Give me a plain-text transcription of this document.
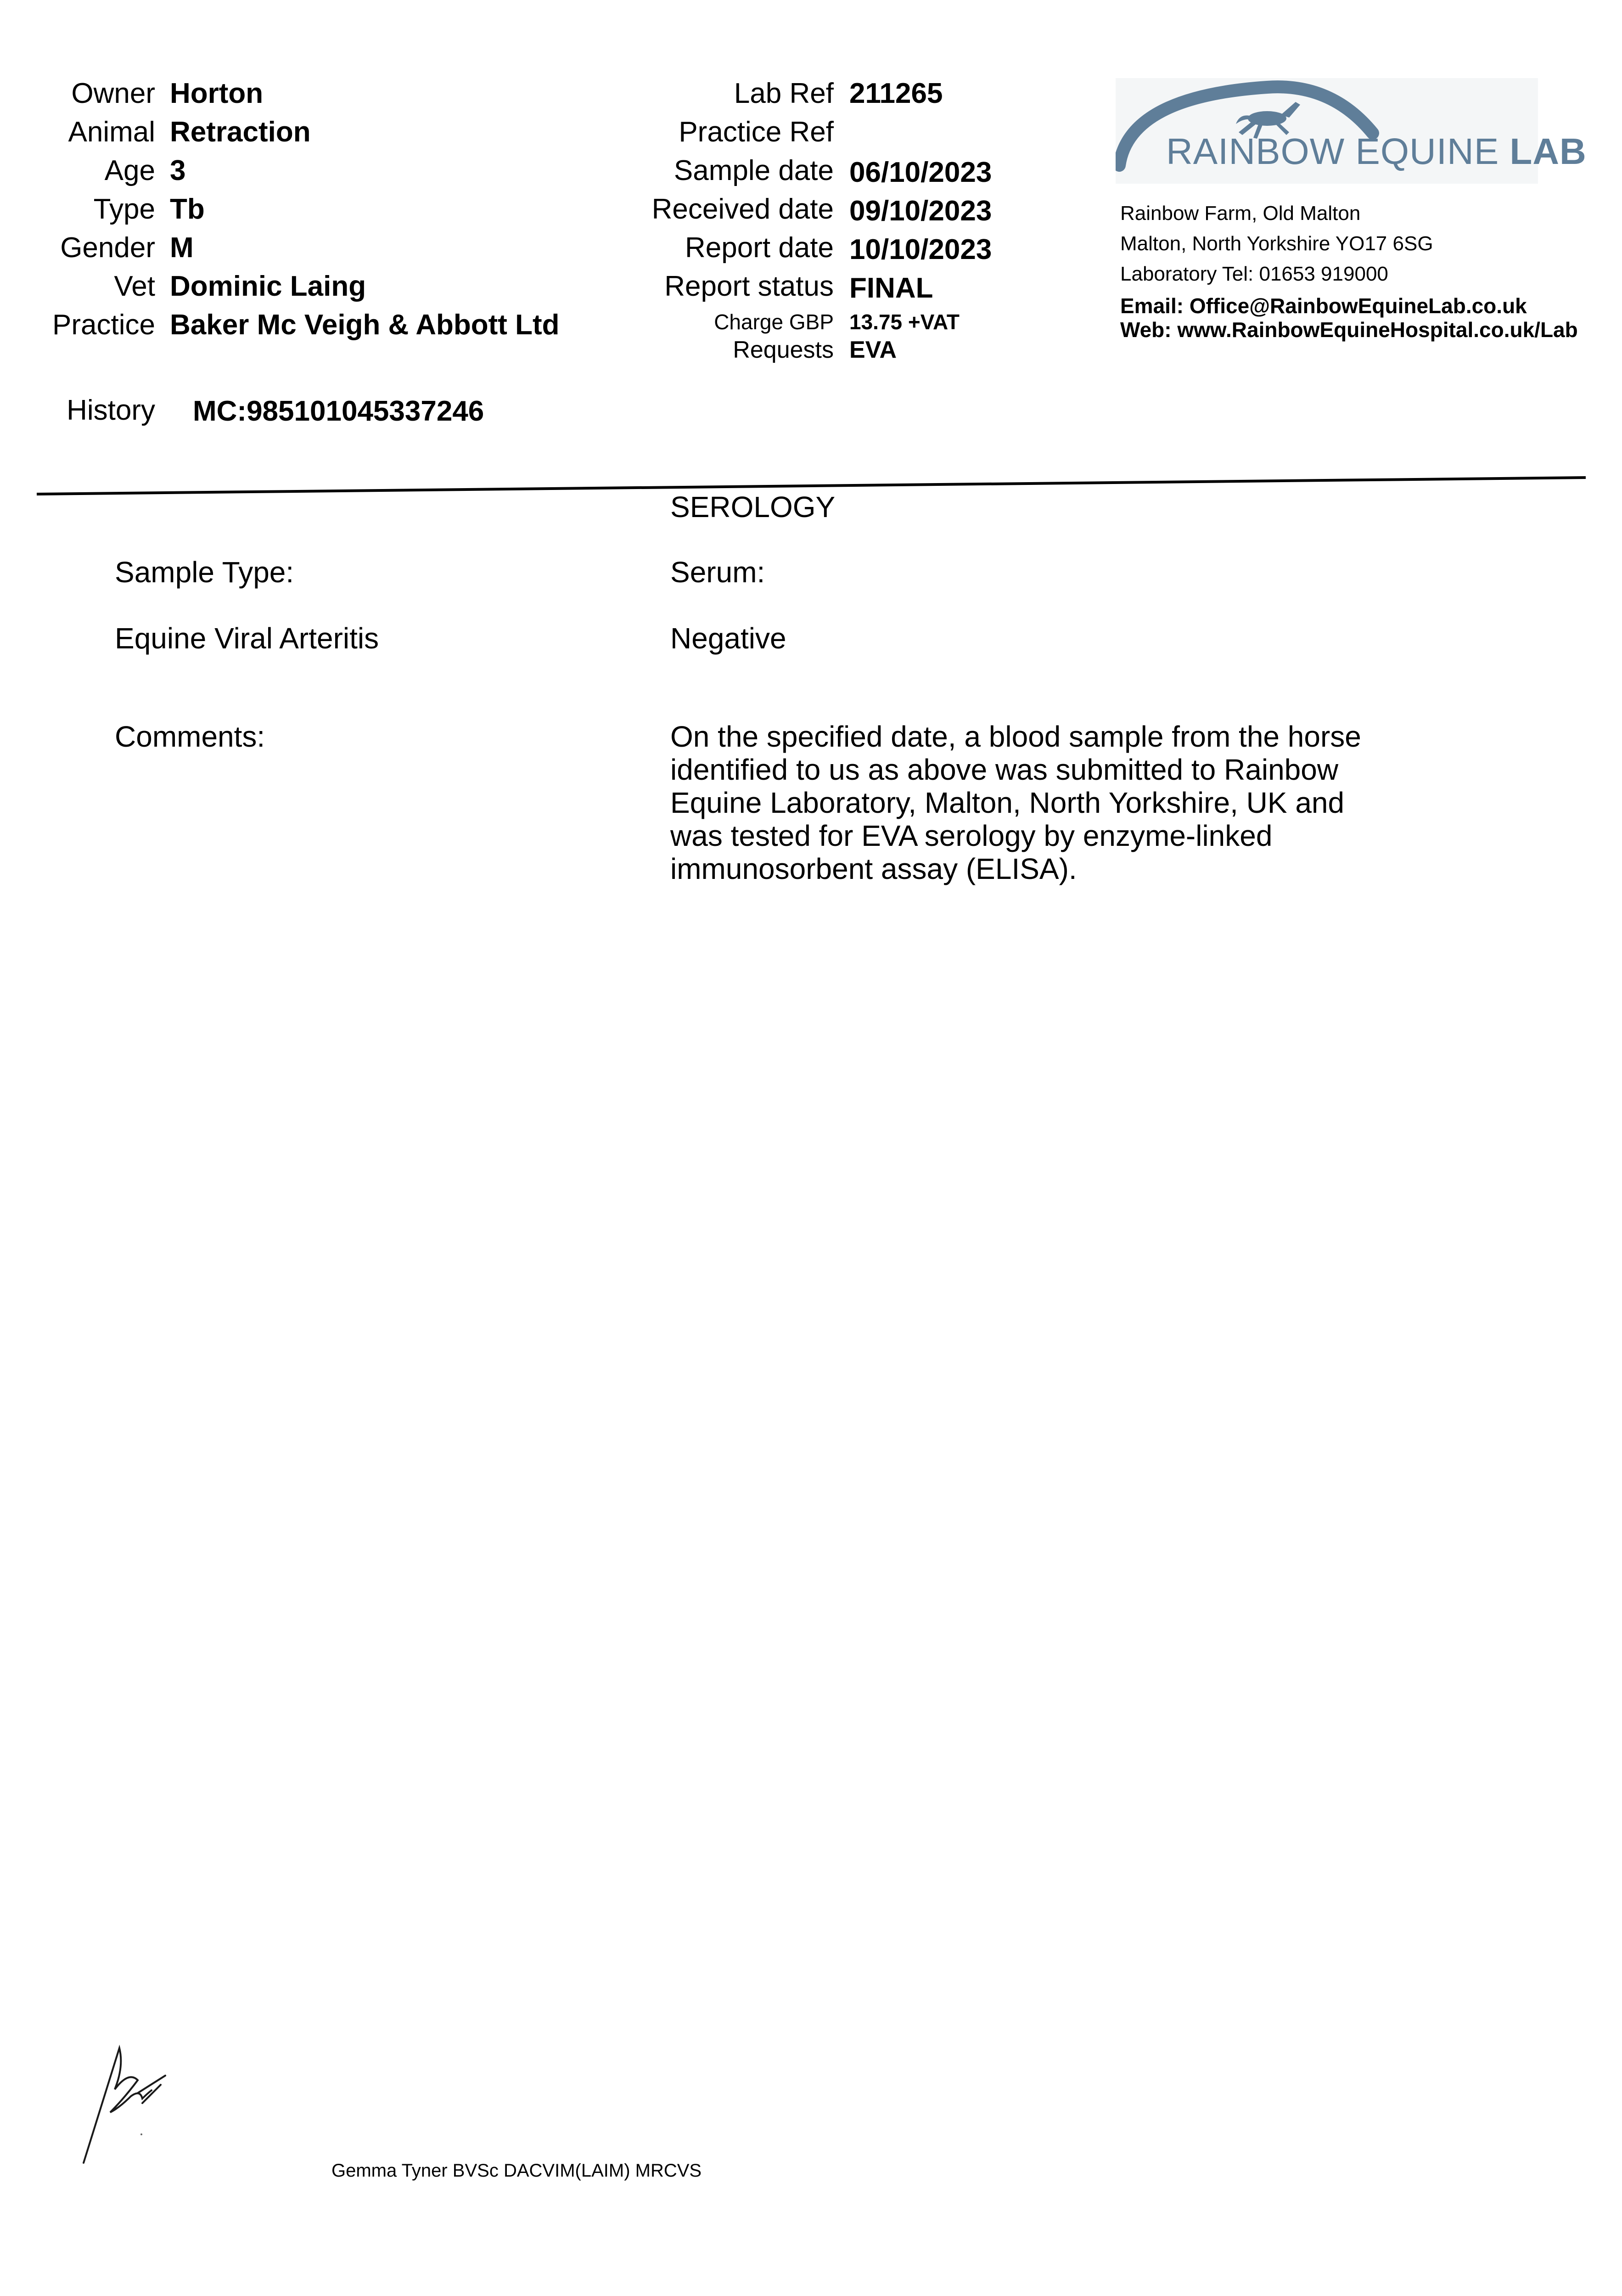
Owner Horton
Animal Retraction
Age 3
Type Tb
Gender M
Vet Dominic Laing
Practice Baker Mc Veigh & Abbott Ltd
History MC:985101045337246
Lab Ref 211265
Practice Ref
Sample date 06/10/2023
Received date 09/10/2023
Report date 10/10/2023
Report status FINAL
Charge GBP 13.75 +VAT
Requests EVA
RAINBOW EQUINE LAB
Rainbow Farm, Old Malton
Malton, North Yorkshire YO17 6SG
Laboratory Tel: 01653 919000
Email: Office@RainbowEquineLab.co.uk
Web: www.RainbowEquineHospital.co.uk/Lab
SEROLOGY
Sample Type:	Serum:
Equine Viral Arteritis	Negative
Comments:	On the specified date, a blood sample from the horse identified to us as above was submitted to Rainbow Equine Laboratory, Malton, North Yorkshire, UK and was tested for EVA serology by enzyme-linked immunosorbent assay (ELISA).
Gemma Tyner BVSc DACVIM(LAIM) MRCVS
